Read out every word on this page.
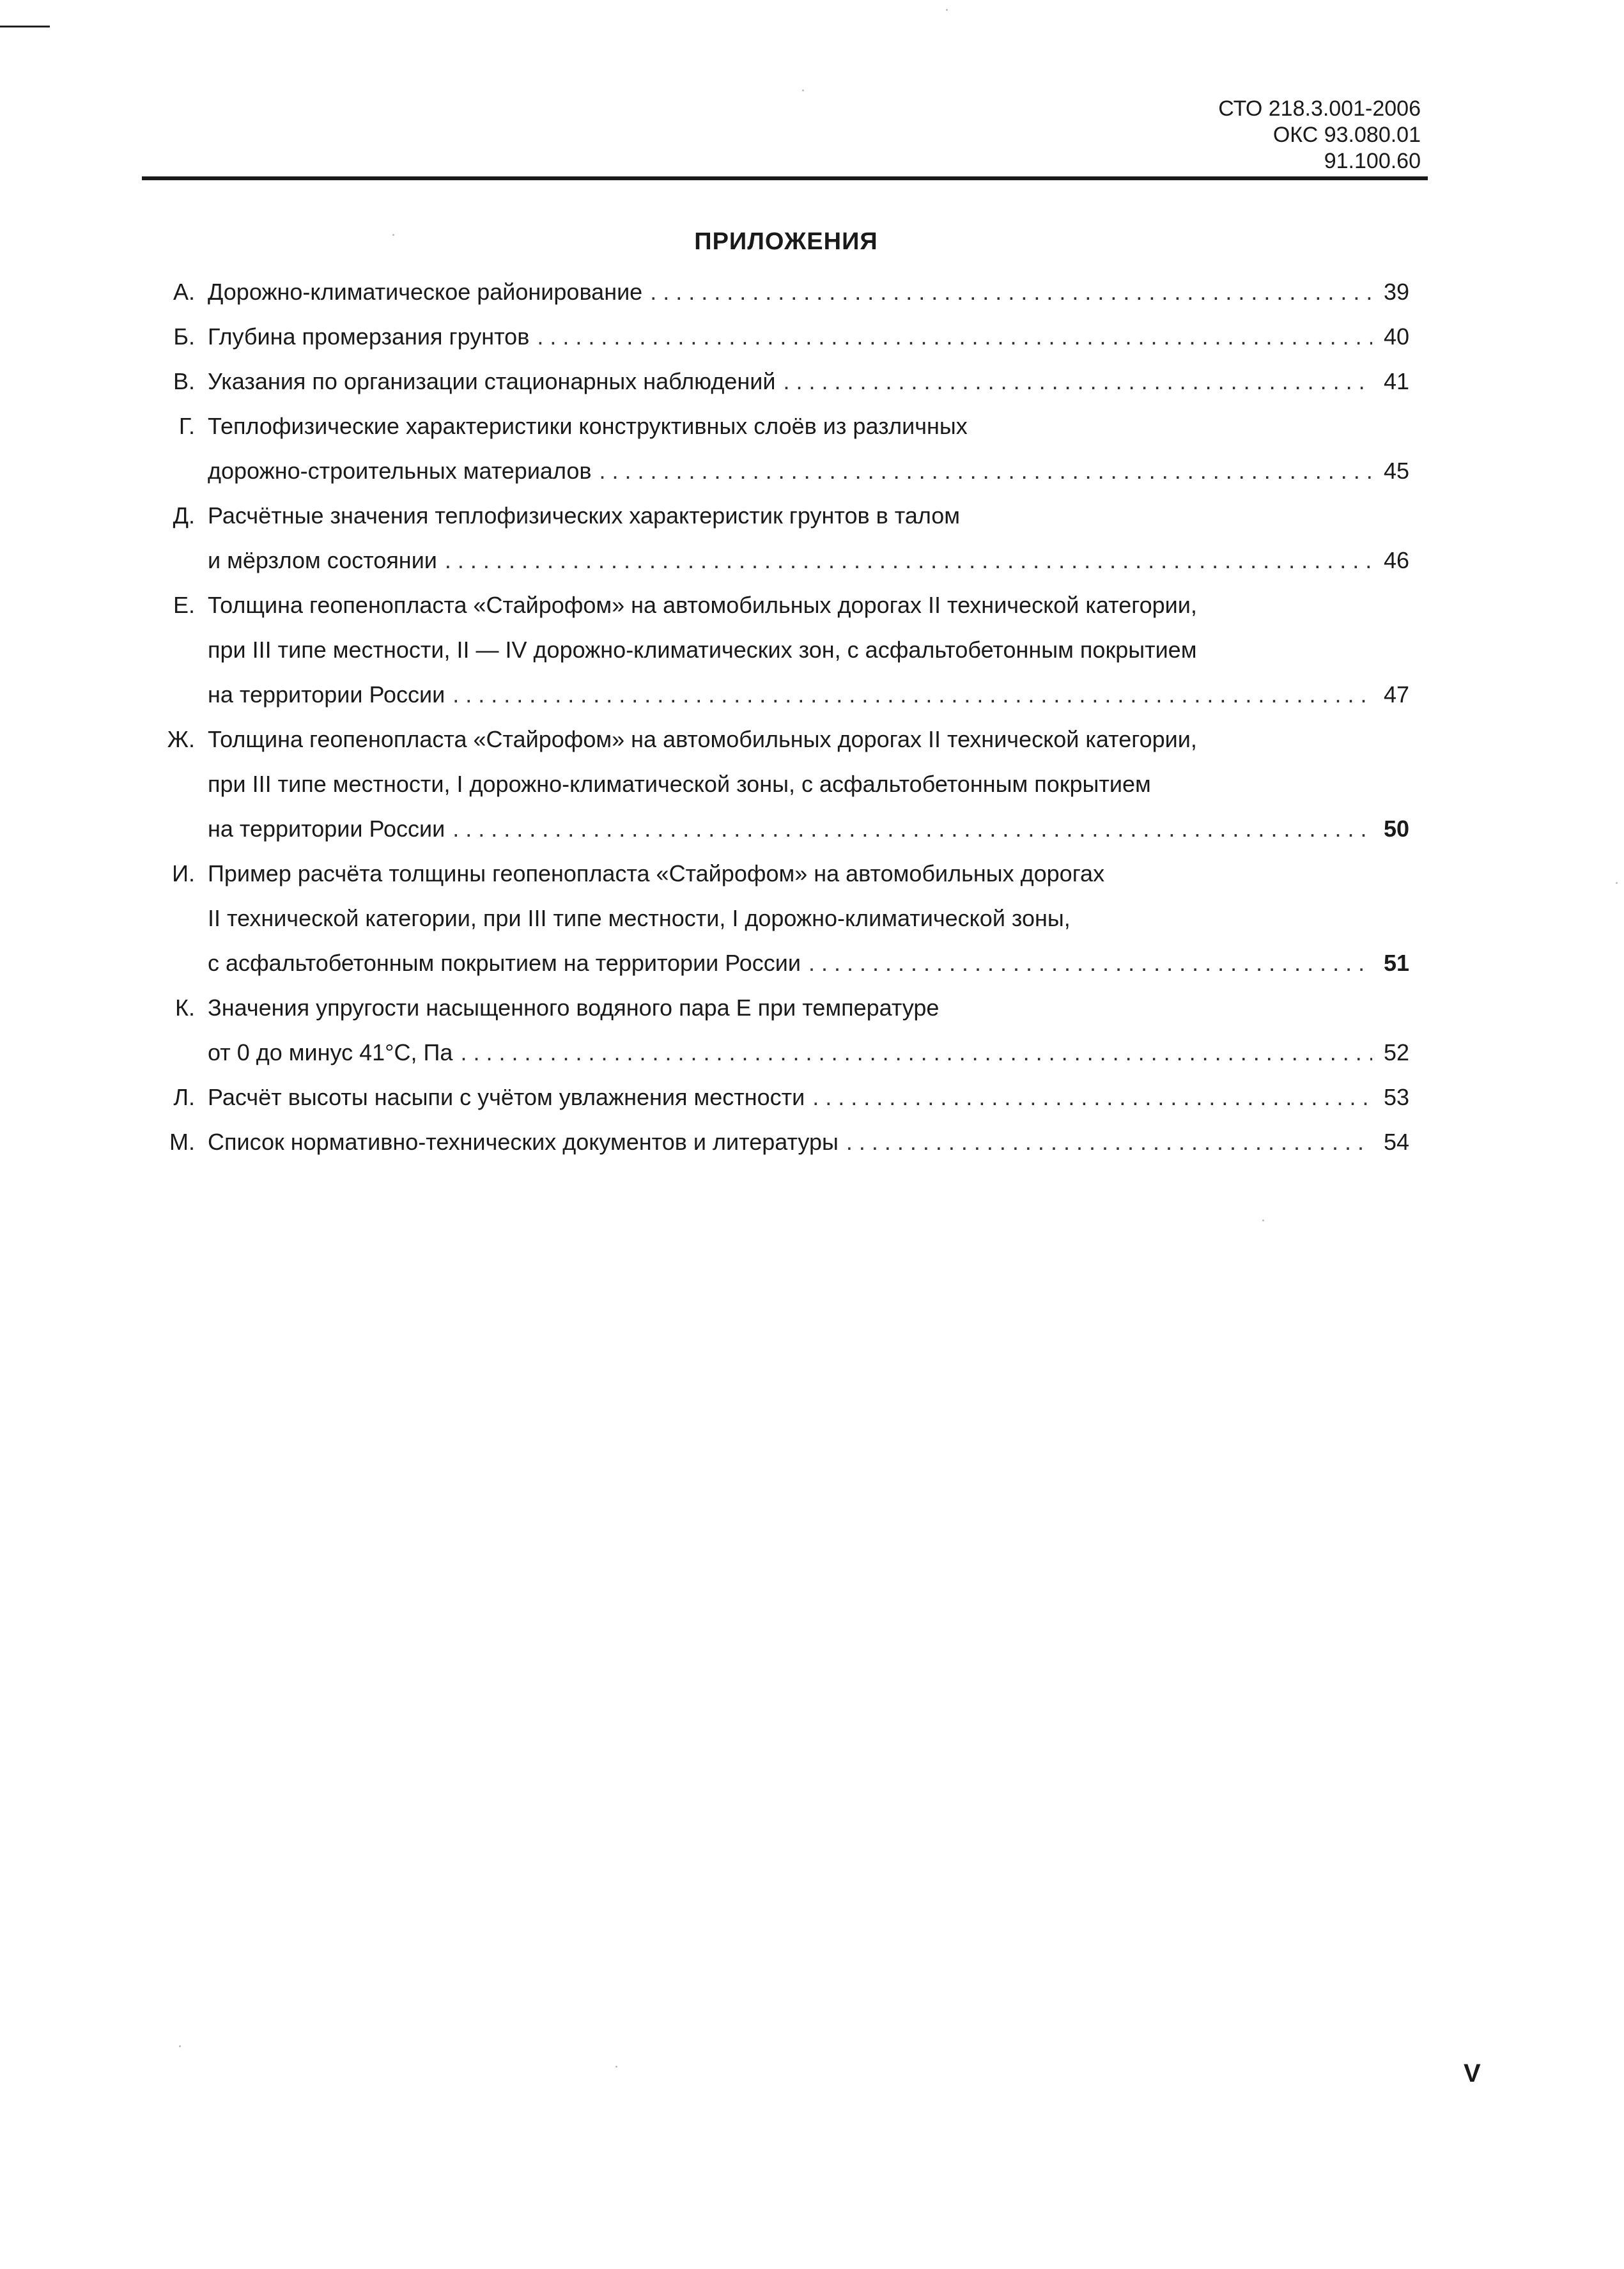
СТО 218.3.001-2006
ОКС 93.080.01
91.100.60
ПРИЛОЖЕНИЯ
А. Дорожно-климатическое районирование . . .	39
Б. Глубина промерзания грунтов . . .	40
В. Указания по организации стационарных наблюдений . . .	41
Г. Теплофизические характеристики конструктивных слоёв из различных
дорожно-строительных материалов . . .	45
Д. Расчётные значения теплофизических характеристик грунтов в талом
и мёрзлом состоянии . . .	46
Е. Толщина геопенопласта «Стайрофом» на автомобильных дорогах II технической категории,
при III типе местности, II — IV дорожно-климатических зон, с асфальтобетонным покрытием
на территории России . . .	47
Ж. Толщина геопенопласта «Стайрофом» на автомобильных дорогах II технической категории,
при III типе местности, I дорожно-климатической зоны, с асфальтобетонным покрытием
на территории России . . .	50
И. Пример расчёта толщины геопенопласта «Стайрофом» на автомобильных дорогах
II технической категории, при III типе местности, I дорожно-климатической зоны,
с асфальтобетонным покрытием на территории России . . .	51
К. Значения упругости насыщенного водяного пара E при температуре
от 0 до минус 41°C, Па . . .	52
Л. Расчёт высоты насыпи с учётом увлажнения местности . . .	53
М. Список нормативно-технических документов и литературы . . .	54
V
